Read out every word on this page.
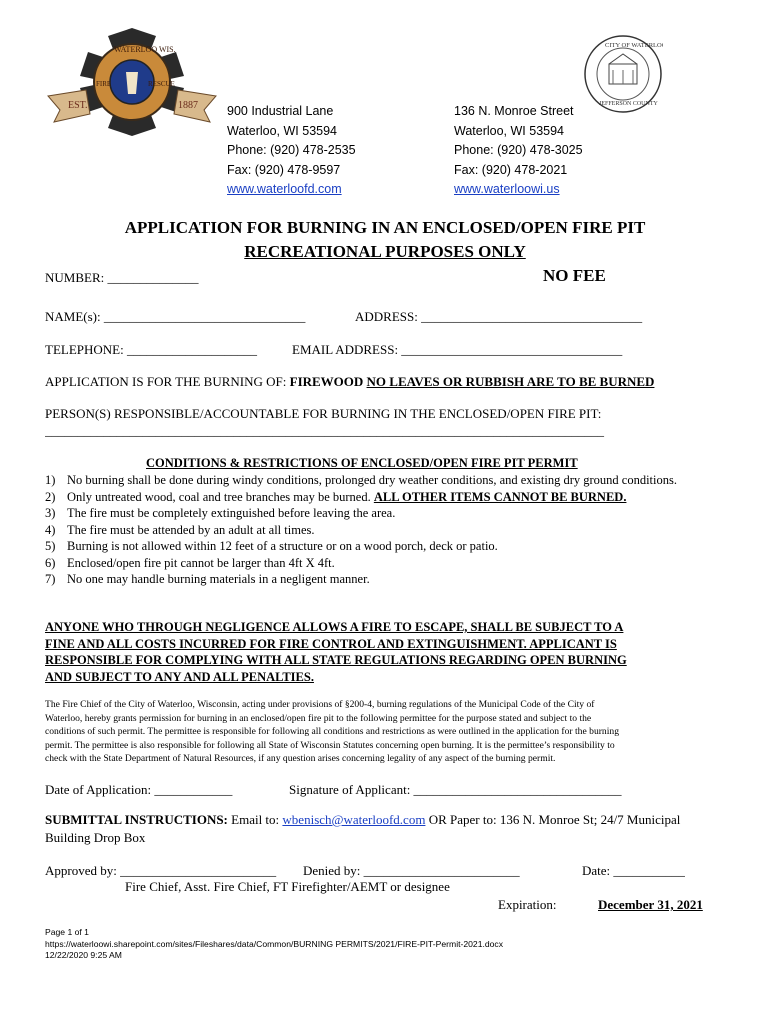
EST.	1887
WATERLOO WIS.
FIRE	RESCUE
CITY OF WATERLOO
JEFFERSON COUNTY
900 Industrial Lane
Waterloo, WI 53594
Phone: (920) 478-2535
Fax: (920) 478-9597
www.waterloofd.com
136 N. Monroe Street
Waterloo, WI 53594
Phone: (920) 478-3025
Fax: (920) 478-2021
www.waterloowi.us
APPLICATION FOR BURNING IN AN ENCLOSED/OPEN FIRE PIT
RECREATIONAL PURPOSES ONLY
NUMBER: ______________	NO FEE
NAME(s): _______________________________	ADDRESS: __________________________________
TELEPHONE: ____________________	EMAIL ADDRESS: __________________________________
APPLICATION IS FOR THE BURNING OF: FIREWOOD NO LEAVES OR RUBBISH ARE TO BE BURNED
PERSON(S) RESPONSIBLE/ACCOUNTABLE FOR BURNING IN THE ENCLOSED/OPEN FIRE PIT:
______________________________________________________________________________________
CONDITIONS & RESTRICTIONS OF ENCLOSED/OPEN FIRE PIT PERMIT
1) No burning shall be done during windy conditions, prolonged dry weather conditions, and existing dry ground conditions.
2) Only untreated wood, coal and tree branches may be burned. ALL OTHER ITEMS CANNOT BE BURNED.
3) The fire must be completely extinguished before leaving the area.
4) The fire must be attended by an adult at all times.
5) Burning is not allowed within 12 feet of a structure or on a wood porch, deck or patio.
6) Enclosed/open fire pit cannot be larger than 4ft X 4ft.
7) No one may handle burning materials in a negligent manner.
ANYONE WHO THROUGH NEGLIGENCE ALLOWS A FIRE TO ESCAPE, SHALL BE SUBJECT TO A
FINE AND ALL COSTS INCURRED FOR FIRE CONTROL AND EXTINGUISHMENT. APPLICANT IS
RESPONSIBLE FOR COMPLYING WITH ALL STATE REGULATIONS REGARDING OPEN BURNING
AND SUBJECT TO ANY AND ALL PENALTIES.
The Fire Chief of the City of Waterloo, Wisconsin, acting under provisions of §200-4, burning regulations of the Municipal Code of the City of
Waterloo, hereby grants permission for burning in an enclosed/open fire pit to the following permittee for the purpose stated and subject to the
conditions of such permit. The permittee is responsible for following all conditions and restrictions as were outlined in the application for the burning
permit. The permittee is also responsible for following all State of Wisconsin Statutes concerning open burning. It is the permittee’s responsibility to
check with the State Department of Natural Resources, if any question arises concerning legality of any aspect of the burning permit.
Date of Application: ____________	Signature of Applicant: ________________________________
SUBMITTAL INSTRUCTIONS: Email to: wbenisch@waterloofd.com OR Paper to: 136 N. Monroe St; 24/7 Municipal
Building Drop Box
Approved by: ________________________ Denied by: ________________________	Date: ___________
Fire Chief, Asst. Fire Chief, FT Firefighter/AEMT or designee
Expiration:	December 31, 2021
Page 1 of 1
https://waterloowi.sharepoint.com/sites/Fileshares/data/Common/BURNING PERMITS/2021/FIRE-PIT-Permit-2021.docx
12/22/2020 9:25 AM
